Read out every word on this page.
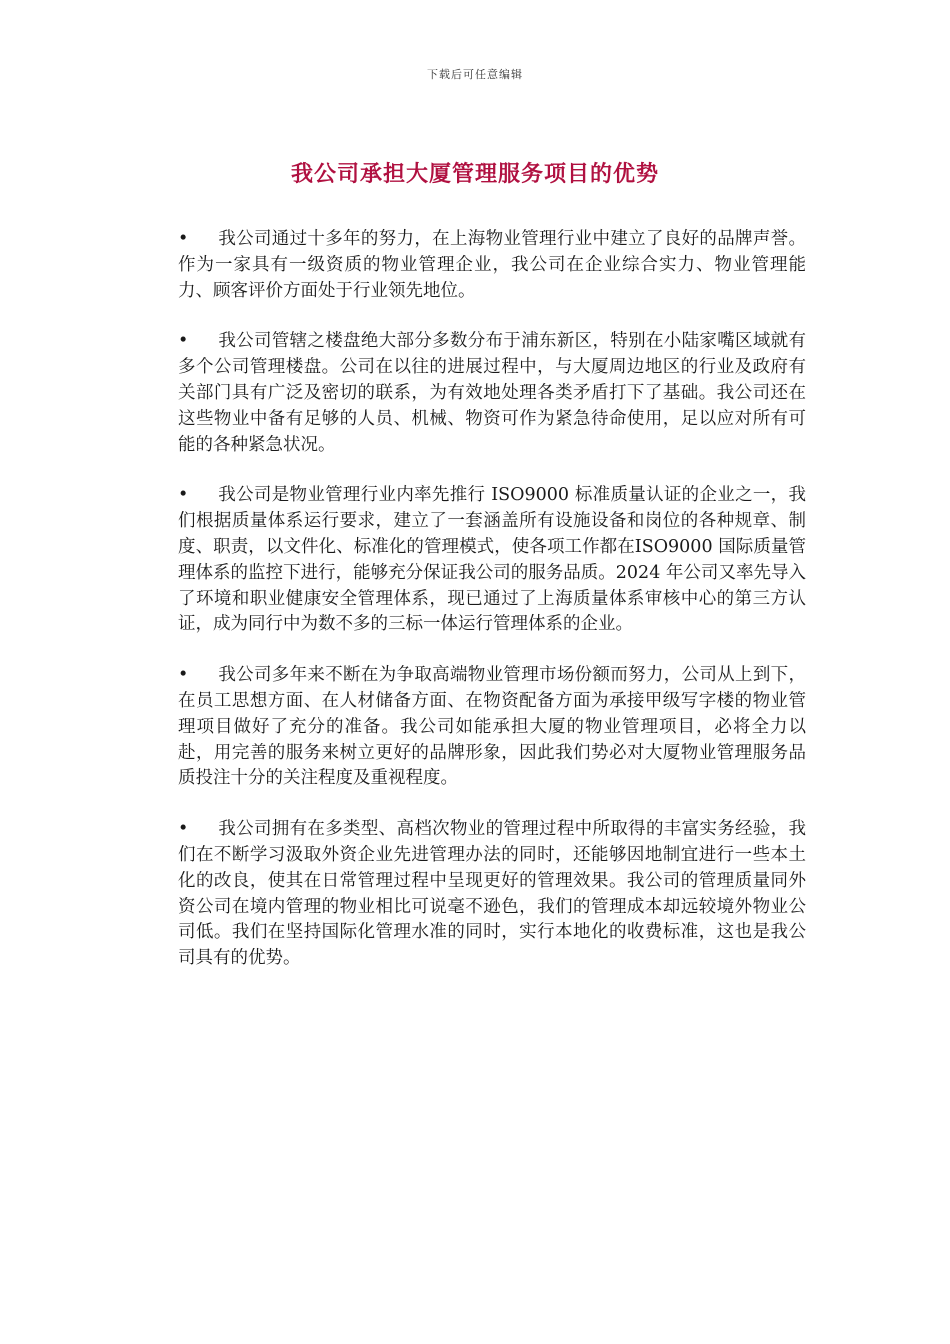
下载后可任意编辑
我公司承担大厦管理服务项目的优势

• 我公司通过十多年的努力，在上海物业管理行业中建立了良好的品牌声誉。作为一家具有一级资质的物业管理企业，我公司在企业综合实力、物业管理能力、顾客评价方面处于行业领先地位。

• 我公司管辖之楼盘绝大部分多数分布于浦东新区，特别在小陆家嘴区域就有多个公司管理楼盘。公司在以往的进展过程中，与大厦周边地区的行业及政府有关部门具有广泛及密切的联系，为有效地处理各类矛盾打下了基础。我公司还在这些物业中备有足够的人员、机械、物资可作为紧急待命使用，足以应对所有可能的各种紧急状况。

• 我公司是物业管理行业内率先推行 ISO9000 标准质量认证的企业之一，我们根据质量体系运行要求，建立了一套涵盖所有设施设备和岗位的各种规章、制度、职责，以文件化、标准化的管理模式，使各项工作都在ISO9000 国际质量管理体系的监控下进行，能够充分保证我公司的服务品质。2024 年公司又率先导入了环境和职业健康安全管理体系，现已通过了上海质量体系审核中心的第三方认证，成为同行中为数不多的三标一体运行管理体系的企业。

• 我公司多年来不断在为争取高端物业管理市场份额而努力，公司从上到下，在员工思想方面、在人材储备方面、在物资配备方面为承接甲级写字楼的物业管理项目做好了充分的准备。我公司如能承担大厦的物业管理项目，必将全力以赴，用完善的服务来树立更好的品牌形象，因此我们势必对大厦物业管理服务品质投注十分的关注程度及重视程度。

• 我公司拥有在多类型、高档次物业的管理过程中所取得的丰富实务经验，我们在不断学习汲取外资企业先进管理办法的同时，还能够因地制宜进行一些本土化的改良，使其在日常管理过程中呈现更好的管理效果。我公司的管理质量同外资公司在境内管理的物业相比可说毫不逊色，我们的管理成本却远较境外物业公司低。我们在坚持国际化管理水准的同时，实行本地化的收费标准，这也是我公司具有的优势。
